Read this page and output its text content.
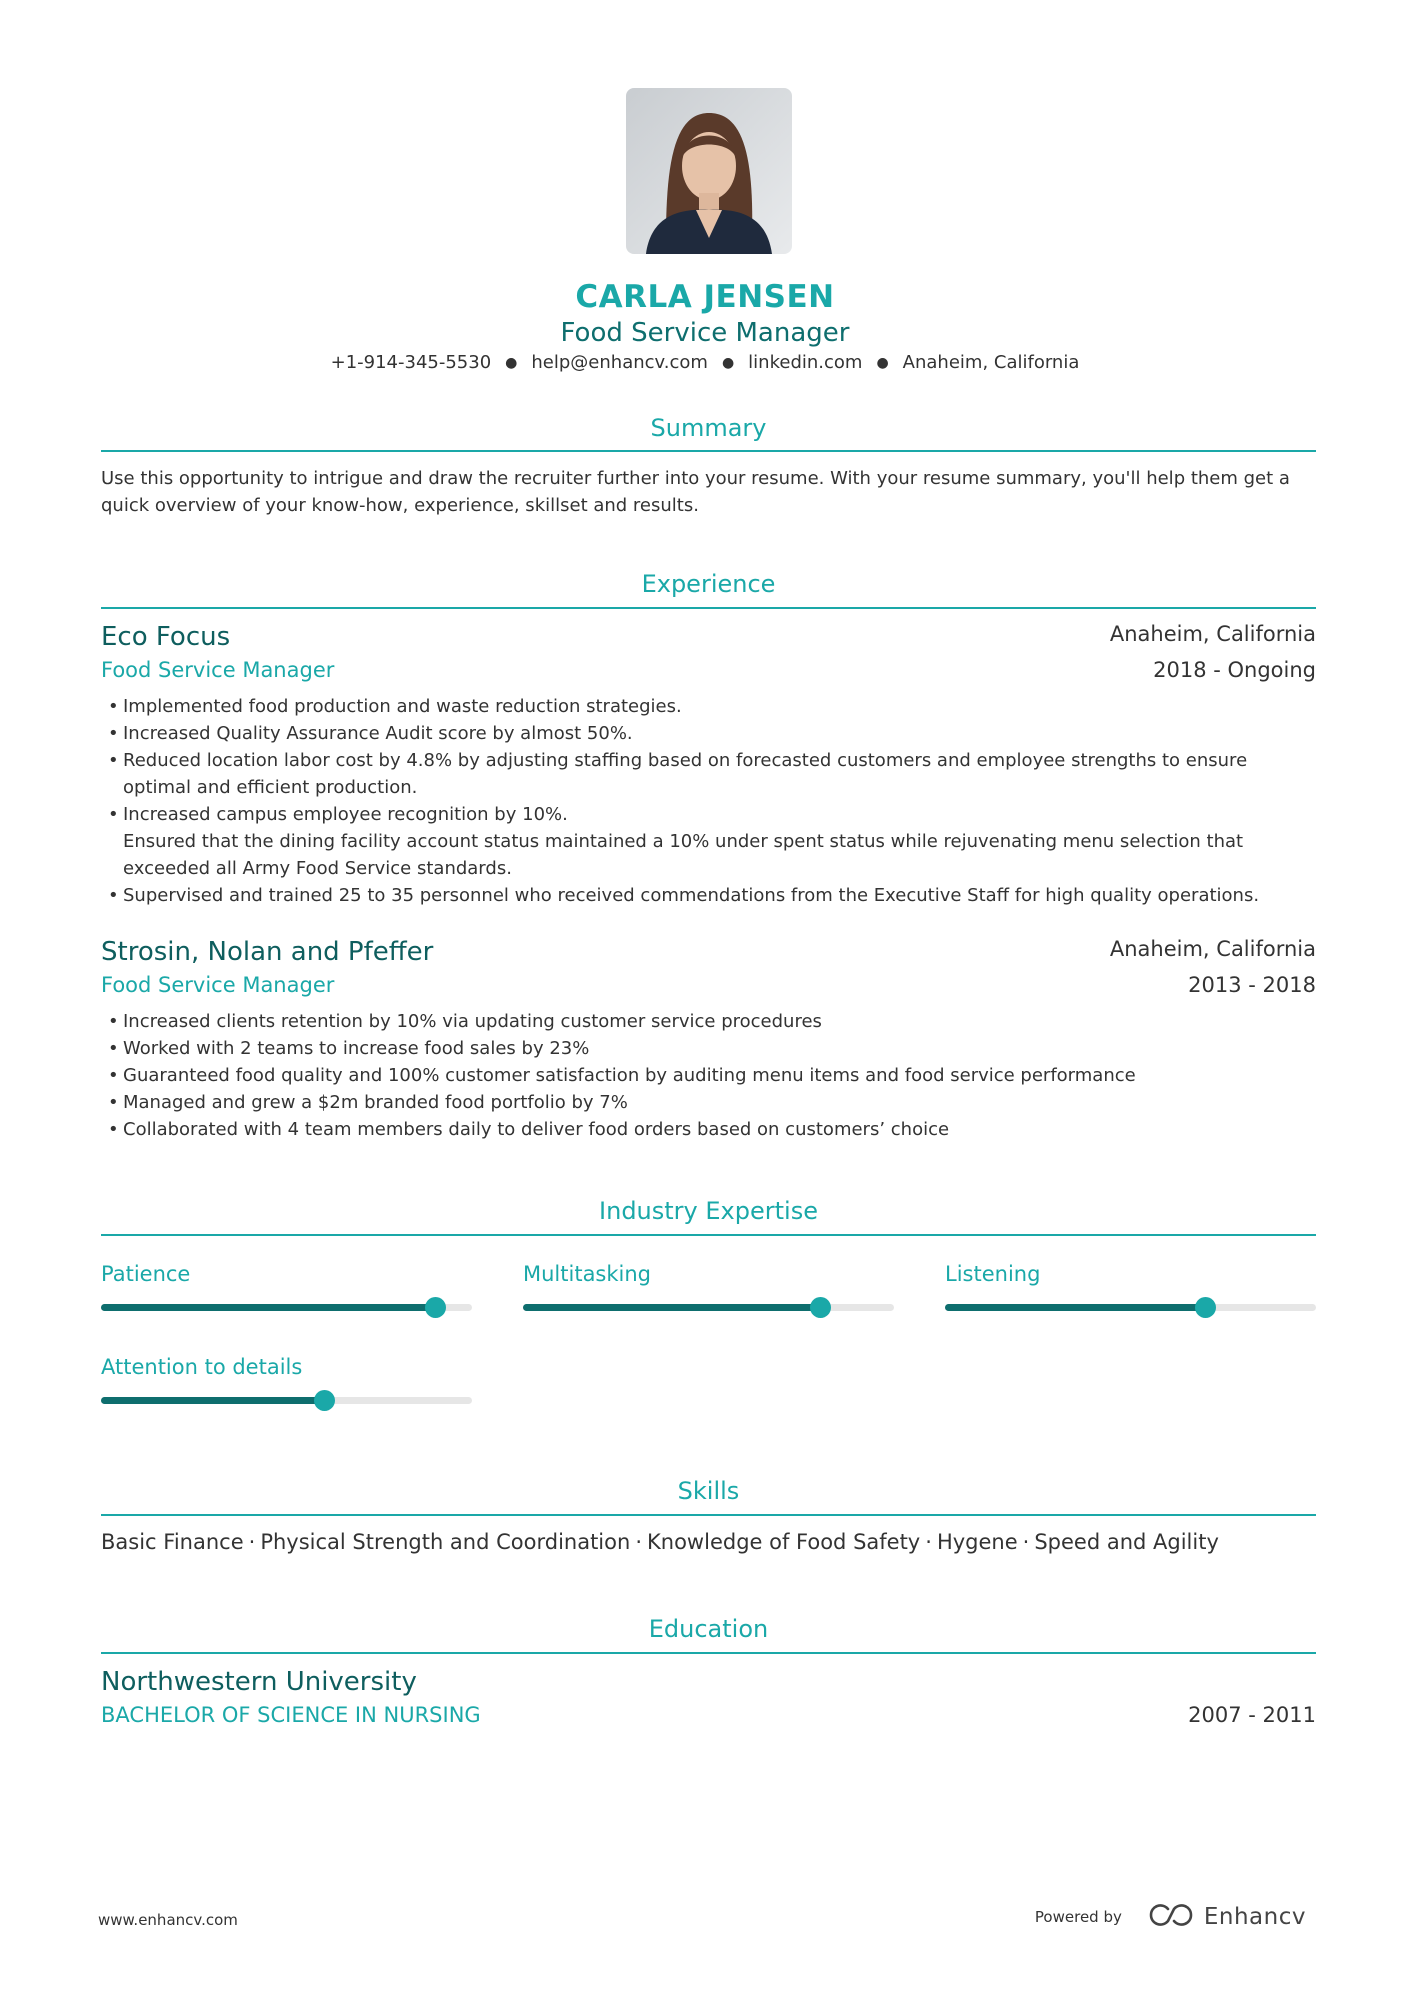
CARLA JENSEN
Food Service Manager
+1-914-345-5530 ● help@enhancv.com ● linkedin.com ● Anaheim, California
Summary
Use this opportunity to intrigue and draw the recruiter further into your resume. With your resume summary, you'll help them get a quick overview of your know-how, experience, skillset and results.
Experience
Eco Focus
Food Service Manager
Anaheim, California
2018 - Ongoing
• Implemented food production and waste reduction strategies.
• Increased Quality Assurance Audit score by almost 50%.
• Reduced location labor cost by 4.8% by adjusting staffing based on forecasted customers and employee strengths to ensure optimal and efficient production.
• Increased campus employee recognition by 10%.
Ensured that the dining facility account status maintained a 10% under spent status while rejuvenating menu selection that exceeded all Army Food Service standards.
• Supervised and trained 25 to 35 personnel who received commendations from the Executive Staff for high quality operations.
Strosin, Nolan and Pfeffer
Food Service Manager
Anaheim, California
2013 - 2018
• Increased clients retention by 10% via updating customer service procedures
• Worked with 2 teams to increase food sales by 23%
• Guaranteed food quality and 100% customer satisfaction by auditing menu items and food service performance
• Managed and grew a $2m branded food portfolio by 7%
• Collaborated with 4 team members daily to deliver food orders based on customers’ choice
Industry Expertise
Patience	Multitasking	Listening
Attention to details
Skills
Basic Finance · Physical Strength and Coordination · Knowledge of Food Safety · Hygene · Speed and Agility
Education
Northwestern University
BACHELOR OF SCIENCE IN NURSING	2007 - 2011
www.enhancv.com	Powered by	Enhancv
